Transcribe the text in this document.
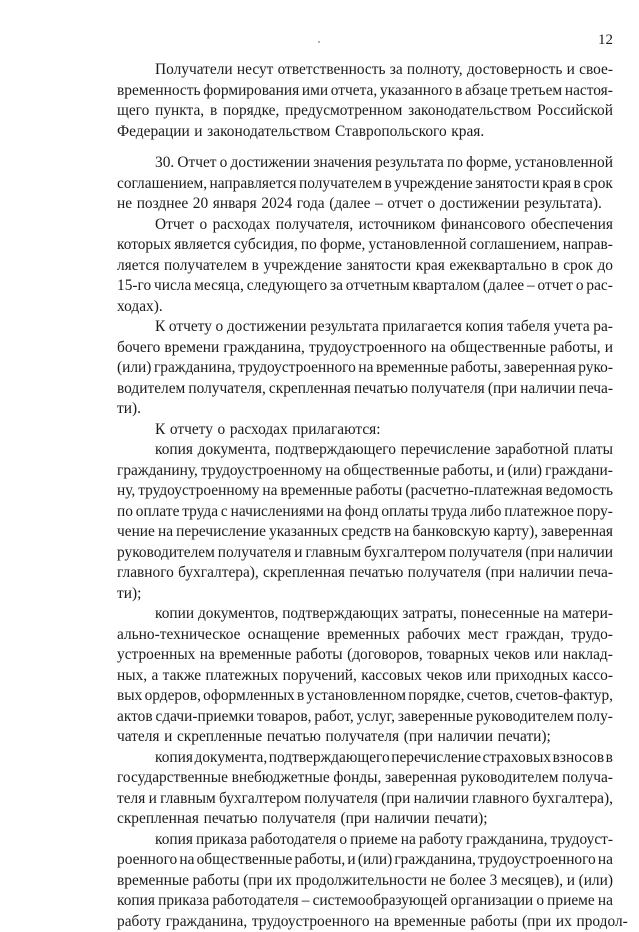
12
Получатели несут ответственность за полноту, достоверность и свое-
временность формирования ими отчета, указанного в абзаце третьем настоя-
щего пункта, в порядке, предусмотренном законодательством Российской
Федерации и законодательством Ставропольского края.
30. Отчет о достижении значения результата по форме, установленной
соглашением, направляется получателем в учреждение занятости края в срок
не позднее 20 января 2024 года (далее – отчет о достижении результата).
Отчет о расходах получателя, источником финансового обеспечения
которых является субсидия, по форме, установленной соглашением, направ-
ляется получателем в учреждение занятости края ежеквартально в срок до
15-го числа месяца, следующего за отчетным кварталом (далее – отчет о рас-
ходах).
К отчету о достижении результата прилагается копия табеля учета ра-
бочего времени гражданина, трудоустроенного на общественные работы, и
(или) гражданина, трудоустроенного на временные работы, заверенная руко-
водителем получателя, скрепленная печатью получателя (при наличии печа-
ти).
К отчету о расходах прилагаются:
копия документа, подтверждающего перечисление заработной платы
гражданину, трудоустроенному на общественные работы, и (или) граждани-
ну, трудоустроенному на временные работы (расчетно-платежная ведомость
по оплате труда с начислениями на фонд оплаты труда либо платежное пору-
чение на перечисление указанных средств на банковскую карту), заверенная
руководителем получателя и главным бухгалтером получателя (при наличии
главного бухгалтера), скрепленная печатью получателя (при наличии печа-
ти);
копии документов, подтверждающих затраты, понесенные на матери-
ально-техническое оснащение временных рабочих мест граждан, трудо-
устроенных на временные работы (договоров, товарных чеков или наклад-
ных, а также платежных поручений, кассовых чеков или приходных кассо-
вых ордеров, оформленных в установленном порядке, счетов, счетов-фактур,
актов сдачи-приемки товаров, работ, услуг, заверенные руководителем полу-
чателя и скрепленные печатью получателя (при наличии печати);
копия документа, подтверждающего перечисление страховых взносов в
государственные внебюджетные фонды, заверенная руководителем получа-
теля и главным бухгалтером получателя (при наличии главного бухгалтера),
скрепленная печатью получателя (при наличии печати);
копия приказа работодателя о приеме на работу гражданина, трудоуст-
роенного на общественные работы, и (или) гражданина, трудоустроенного на
временные работы (при их продолжительности не более 3 месяцев), и (или)
копия приказа работодателя – системообразующей организации о приеме на
работу гражданина, трудоустроенного на временные работы (при их продол-
